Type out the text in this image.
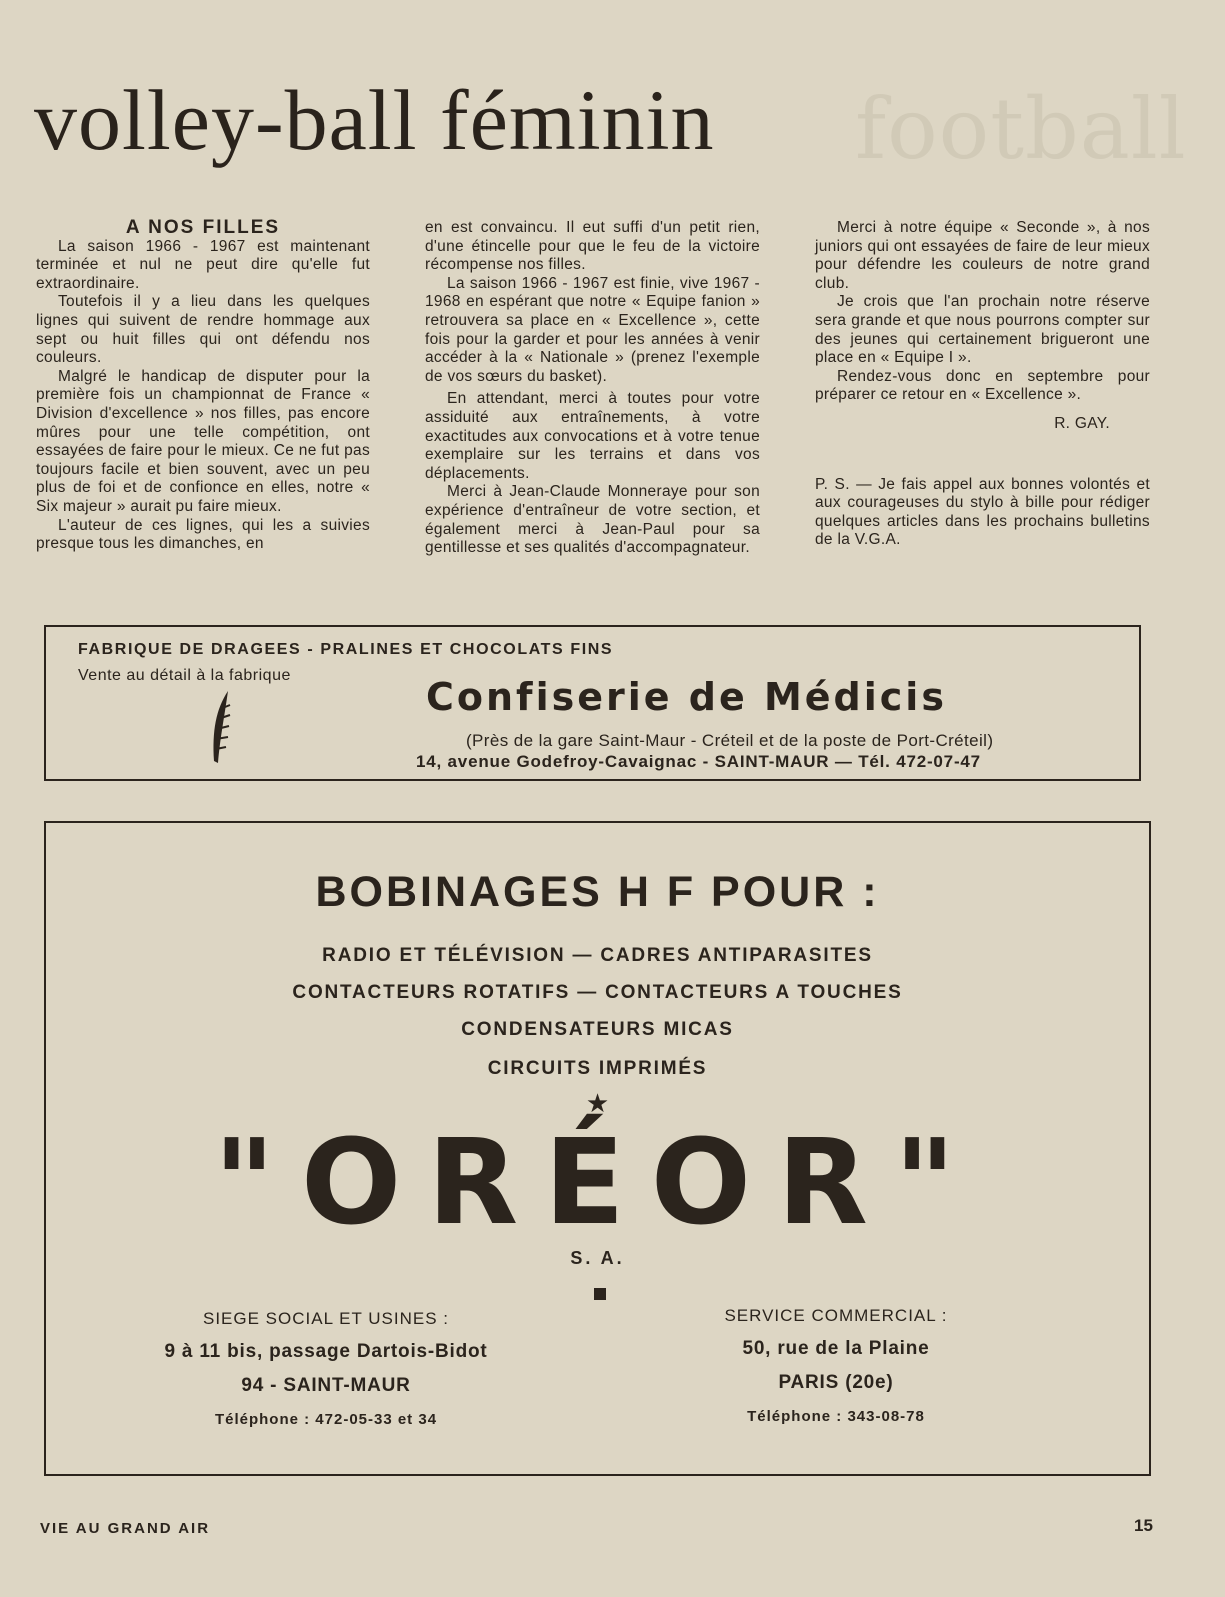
football
volley-ball féminin

A NOS FILLES

La saison 1966 - 1967 est maintenant terminée et nul ne peut dire qu'elle fut extraordinaire.

Toutefois il y a lieu dans les quelques lignes qui suivent de rendre hommage aux sept ou huit filles qui ont défendu nos couleurs.

Malgré le handicap de disputer pour la première fois un championnat de France « Division d'excellence » nos filles, pas encore mûres pour une telle compétition, ont essayées de faire pour le mieux. Ce ne fut pas toujours facile et bien souvent, avec un peu plus de foi et de confionce en elles, notre « Six majeur » aurait pu faire mieux.

L'auteur de ces lignes, qui les a suivies presque tous les dimanches, en

en est convaincu. Il eut suffi d'un petit rien, d'une étincelle pour que le feu de la victoire récompense nos filles.

La saison 1966 - 1967 est finie, vive 1967 - 1968 en espérant que notre « Equipe fanion » retrouvera sa place en « Excellence », cette fois pour la garder et pour les années à venir accéder à la « Nationale » (prenez l'exemple de vos sœurs du basket).

En attendant, merci à toutes pour votre assiduité aux entraînements, à votre exactitudes aux convocations et à votre tenue exemplaire sur les terrains et dans vos déplacements.

Merci à Jean-Claude Monneraye pour son expérience d'entraîneur de votre section, et également merci à Jean-Paul pour sa gentillesse et ses qualités d'accompagnateur.

Merci à notre équipe « Seconde », à nos juniors qui ont essayées de faire de leur mieux pour défendre les couleurs de notre grand club.

Je crois que l'an prochain notre réserve sera grande et que nous pourrons compter sur des jeunes qui certainement brigueront une place en « Equipe I ».

Rendez-vous donc en septembre pour préparer ce retour en « Excellence ».

R. GAY.

P. S. — Je fais appel aux bonnes volontés et aux courageuses du stylo à bille pour rédiger quelques articles dans les prochains bulletins de la V.G.A.

FABRIQUE DE DRAGEES - PRALINES ET CHOCOLATS FINS
Vente au détail à la fabrique	Confiserie de Médicis
(Près de la gare Saint-Maur - Créteil et de la poste de Port-Créteil)
14, avenue Godefroy-Cavaignac - SAINT-MAUR — Tél. 472-07-47
BOBINAGES H F POUR :
RADIO ET TÉLÉVISION — CADRES ANTIPARASITES
CONTACTEURS ROTATIFS — CONTACTEURS A TOUCHES
CONDENSATEURS MICAS
CIRCUITS IMPRIMÉS
★
"ORÉOR"
S. A.
SIEGE SOCIAL ET USINES :
9 à 11 bis, passage Dartois-Bidot
94 - SAINT-MAUR
Téléphone : 472-05-33 et 34
SERVICE COMMERCIAL :
50, rue de la Plaine
PARIS (20e)
Téléphone : 343-08-78
VIE AU GRAND AIR	15
